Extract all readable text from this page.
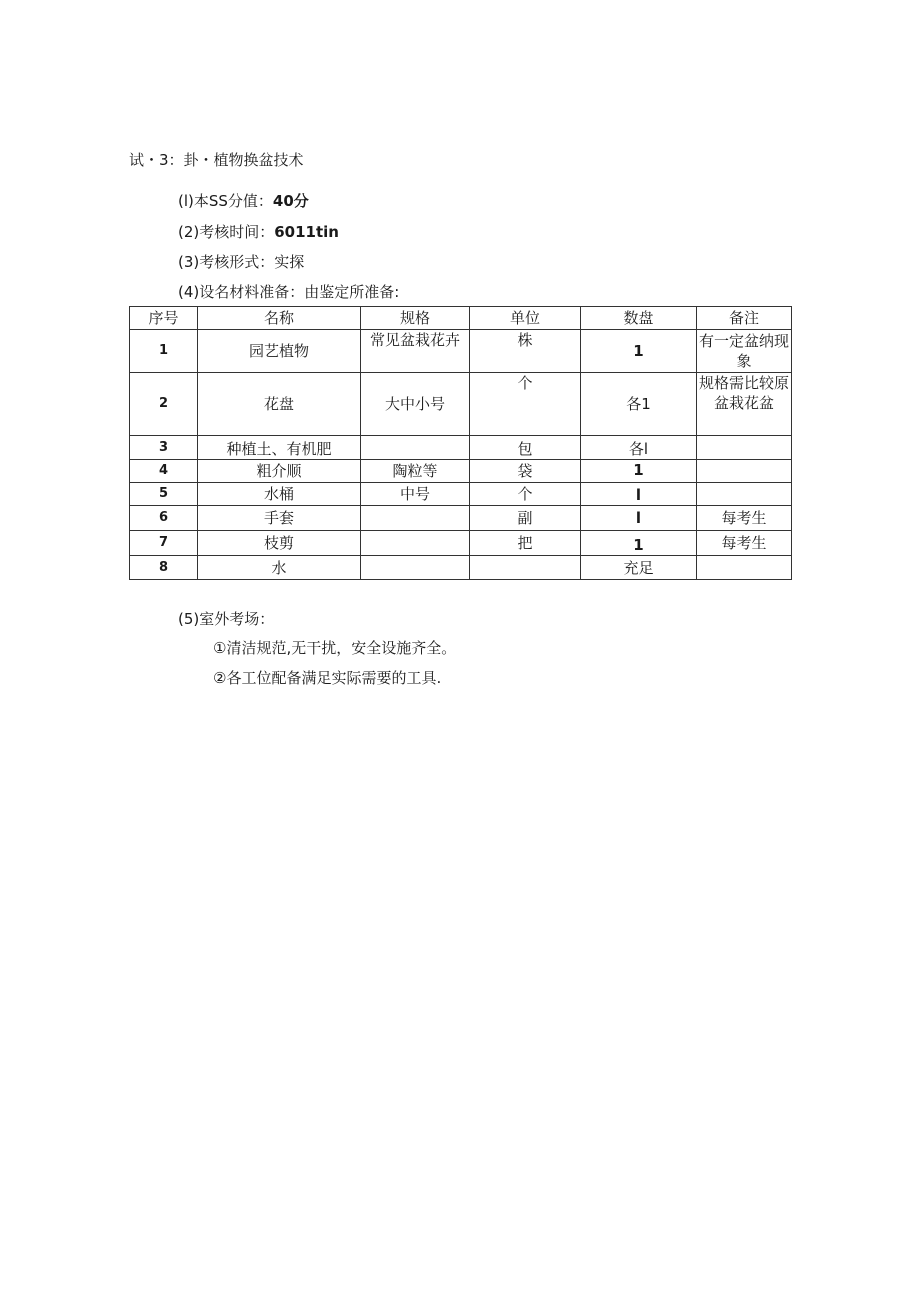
试・3：卦・植物换盆技术
(l)本SS分值：40分
(2)考核时间：6011tin
(3)考核形式：实探
(4)设名材料准备：由鉴定所准备:
序号	名称	规格	单位	数盘	备注
1	园艺植物	常见盆栽花卉	株	1	有一定盆纳现象
2	花盘	大中小号	个	各1	规格需比较原盆栽花盆
3	种植土、有机肥		包	各l	
4	粗介顺	陶粒等	袋	1	
5	水桶	中号	个	l	
6	手套		副	l	每考生
7	枝剪		把	1	每考生
8	水			充足	
(5)室外考场：
①清洁规范,无干扰，安全设施齐全。
②各工位配备满足实际需要的工具.
